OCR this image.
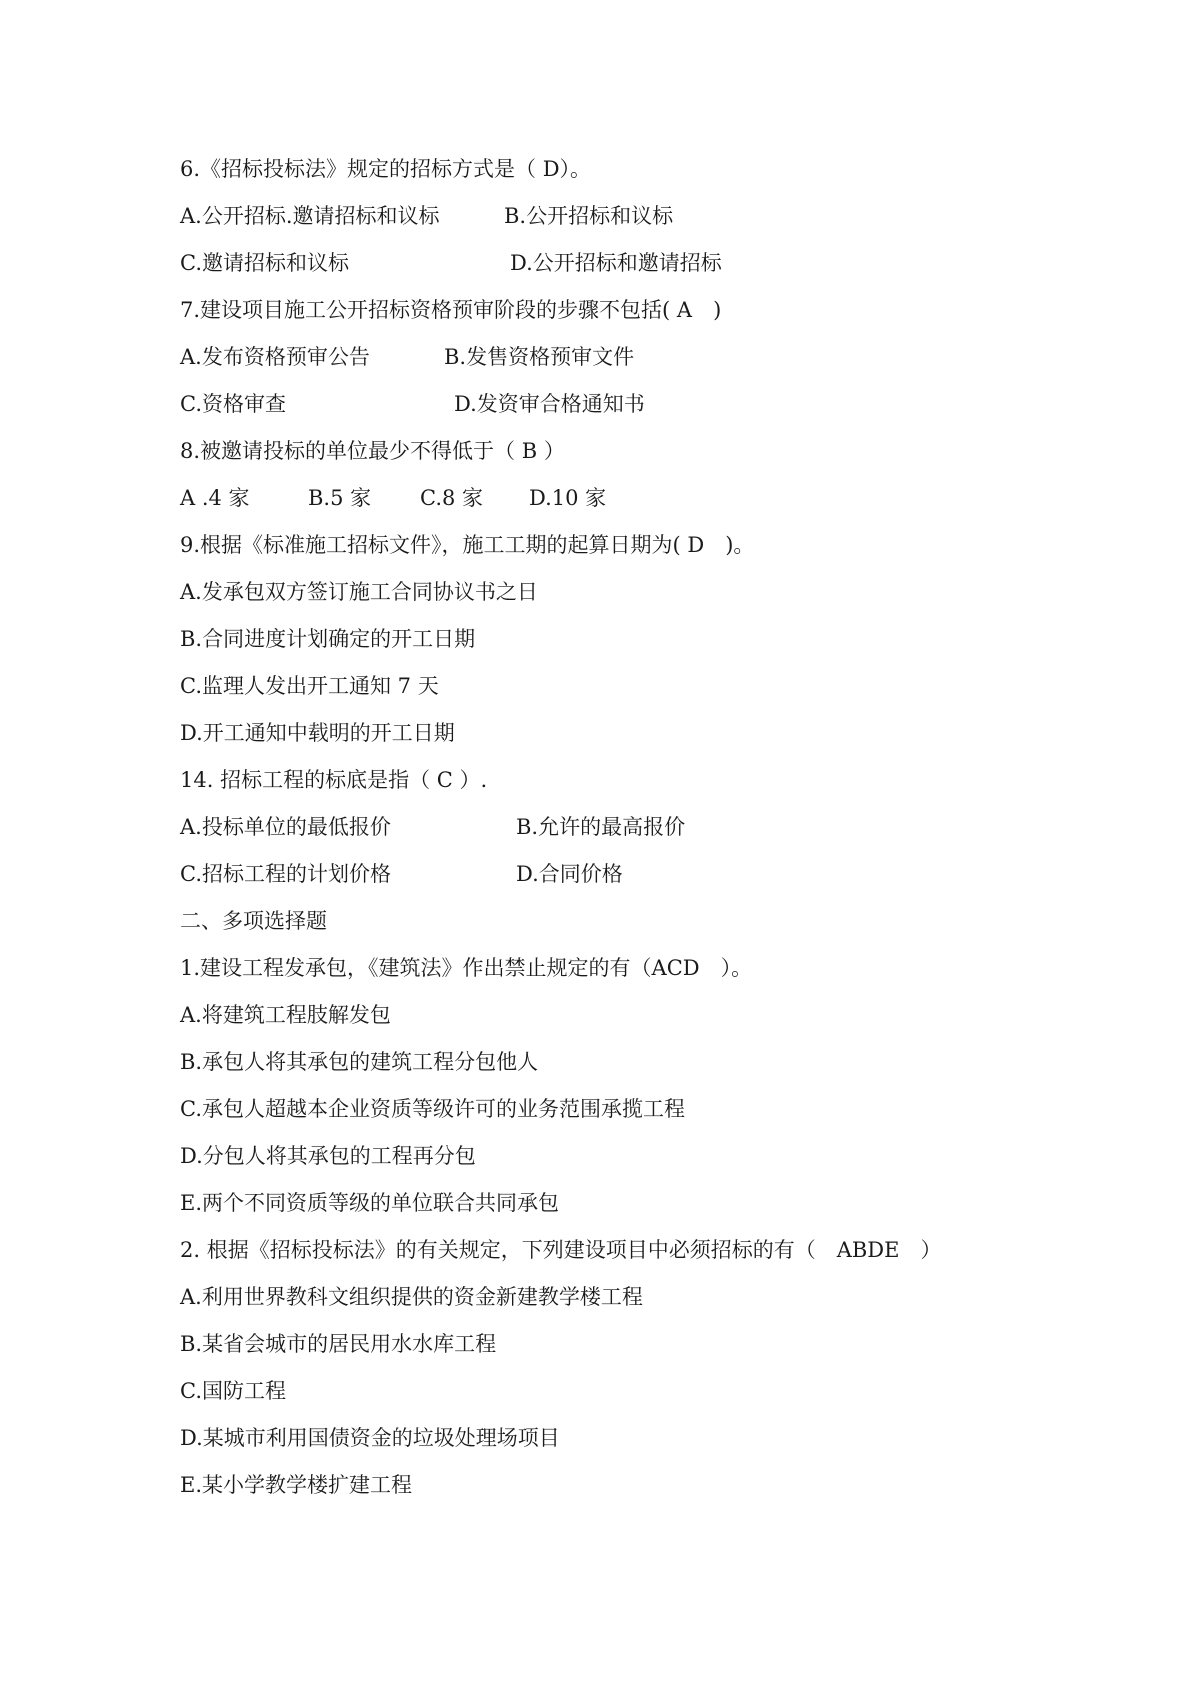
6.《招标投标法》规定的招标方式是（ D）。
A.公开招标.邀请招标和议标	B.公开招标和议标
C.邀请招标和议标	D.公开招标和邀请招标
7.建设项目施工公开招标资格预审阶段的步骤不包括( A　)
A.发布资格预审公告	B.发售资格预审文件
C.资格审查	D.发资审合格通知书
8.被邀请投标的单位最少不得低于（ B ）
A .4 家	B.5 家 C.8 家 D.10 家
9.根据《标准施工招标文件》，施工工期的起算日期为( D　)。
A.发承包双方签订施工合同协议书之日
B.合同进度计划确定的开工日期
C.监理人发出开工通知 7 天
D.开工通知中载明的开工日期
14. 招标工程的标底是指（ C ）.
A.投标单位的最低报价	B.允许的最高报价
C.招标工程的计划价格	D.合同价格
二、多项选择题
1.建设工程发承包，《建筑法》作出禁止规定的有（ACD　）。
A.将建筑工程肢解发包
B.承包人将其承包的建筑工程分包他人
C.承包人超越本企业资质等级许可的业务范围承揽工程
D.分包人将其承包的工程再分包
E.两个不同资质等级的单位联合共同承包
2. 根据《招标投标法》的有关规定，下列建设项目中必须招标的有（　ABDE　）
A.利用世界教科文组织提供的资金新建教学楼工程
B.某省会城市的居民用水水库工程
C.国防工程
D.某城市利用国债资金的垃圾处理场项目
E.某小学教学楼扩建工程
